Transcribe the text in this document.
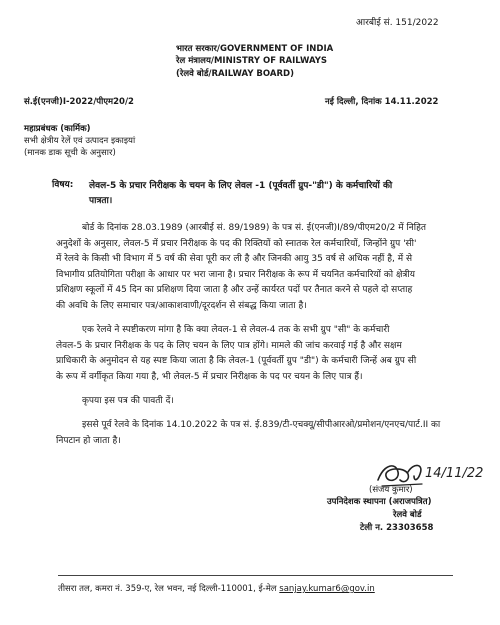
आरबीई सं. 151/2022
भारत सरकार/GOVERNMENT OF INDIA
रेल मंत्रालय/MINISTRY OF RAILWAYS
(रेलवे बोर्ड/RAILWAY BOARD)
सं.ई(एनजी)I-2022/पीएम20/2	नई दिल्ली, दिनांक 14.11.2022
महाप्रबंधक (कार्मिक)
सभी क्षेत्रीय रेलें एवं उत्पादन इकाइयां
(मानक डाक सूची के अनुसार)
विषय: लेवल-5 के प्रचार निरीक्षक के चयन के लिए लेवल -1 (पूर्ववर्ती ग्रुप-"डी") के कर्मचारियों की
पात्रता।
बोर्ड के दिनांक 28.03.1989 (आरबीई सं. 89/1989) के पत्र सं. ई(एनजी)I/89/पीएम20/2 में निहित
अनुदेशों के अनुसार, लेवल-5 में प्रचार निरीक्षक के पद की रिक्तियों को स्नातक रेल कर्मचारियों, जिन्होंने ग्रुप 'सी'
में रेलवे के किसी भी विभाग में 5 वर्ष की सेवा पूरी कर ली है और जिनकी आयु 35 वर्ष से अधिक नहीं है, में से
विभागीय प्रतियोगिता परीक्षा के आधार पर भरा जाना है। प्रचार निरीक्षक के रूप में चयनित कर्मचारियों को क्षेत्रीय
प्रशिक्षण स्कूलों में 45 दिन का प्रशिक्षण दिया जाता है और उन्हें कार्यरत पदों पर तैनात करने से पहले दो सप्ताह
की अवधि के लिए समाचार पत्र/आकाशवाणी/दूरदर्शन से संबद्ध किया जाता है।
एक रेलवे ने स्पष्टीकरण मांगा है कि क्या लेवल-1 से लेवल-4 तक के सभी ग्रुप "सी" के कर्मचारी
लेवल-5 के प्रचार निरीक्षक के पद के लिए चयन के लिए पात्र होंगे। मामले की जांच करवाई गई है और सक्षम
प्राधिकारी के अनुमोदन से यह स्पष्ट किया जाता है कि लेवल-1 (पूर्ववर्ती ग्रुप "डी") के कर्मचारी जिन्हें अब ग्रुप सी
के रूप में वर्गीकृत किया गया है, भी लेवल-5 में प्रचार निरीक्षक के पद पर चयन के लिए पात्र हैं।
कृपया इस पत्र की पावती दें।
इससे पूर्व रेलवे के दिनांक 14.10.2022 के पत्र सं. ई.839/टी-एचक्यू/सीपीआरओ/प्रमोशन/एनएच/पार्ट.II का
निपटान हो जाता है।
14/11/22
(संजय कुमार)
उपनिदेशक स्थापना (अराजपत्रित)
रेलवे बोर्ड
टेली न. 23303658
तीसरा तल, कमरा नं. 359-ए, रेल भवन, नई दिल्ली-110001, ई-मेल sanjay.kumar6@gov.in
